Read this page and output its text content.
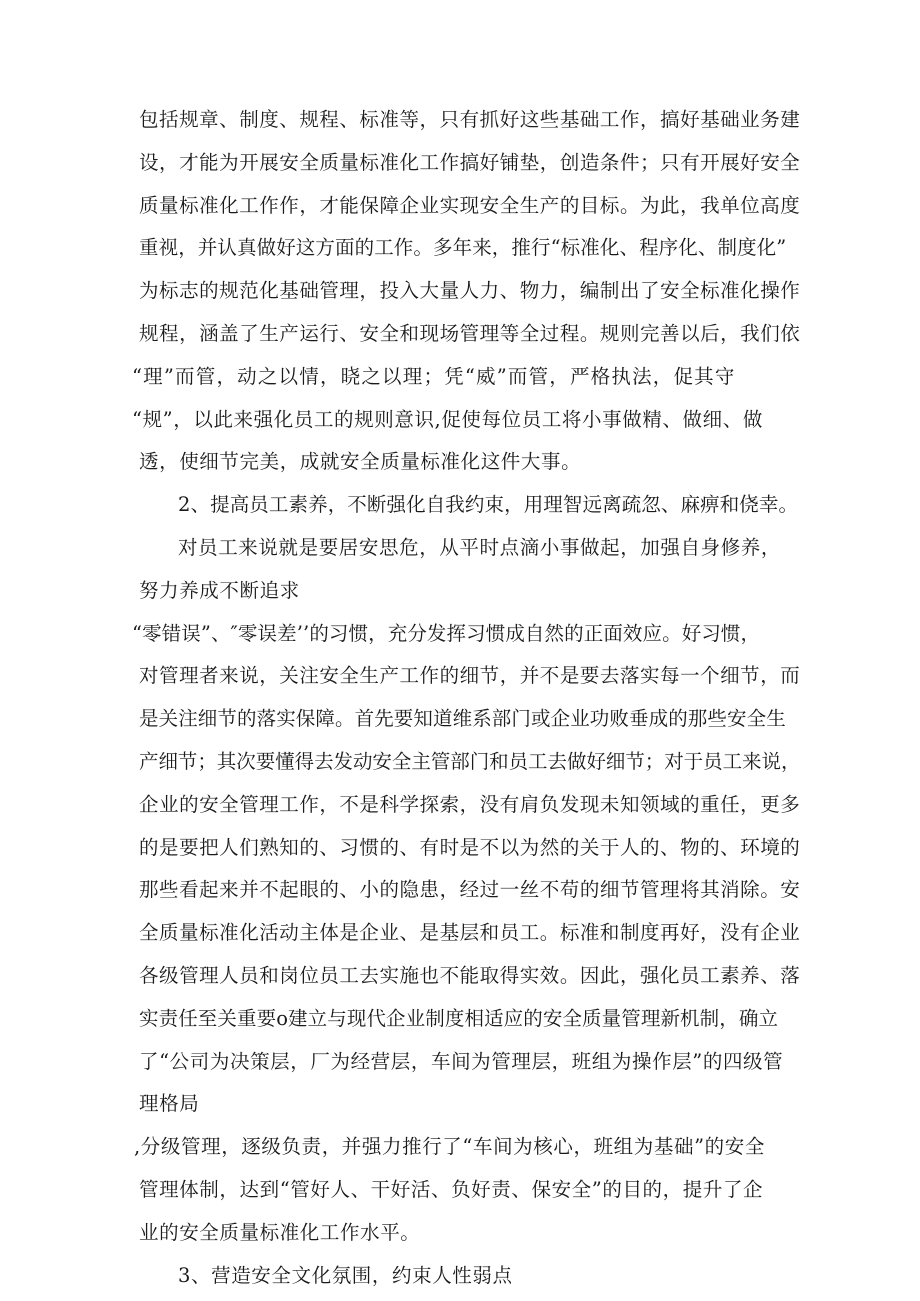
包括规章、制度、规程、标准等，只有抓好这些基础工作，搞好基础业务建
设，才能为开展安全质量标准化工作搞好铺垫，创造条件；只有开展好安全
质量标准化工作作，才能保障企业实现安全生产的目标。为此，我单位高度
重视，并认真做好这方面的工作。多年来，推行“标准化、程序化、制度化”
为标志的规范化基础管理，投入大量人力、物力，编制出了安全标准化操作
规程，涵盖了生产运行、安全和现场管理等全过程。规则完善以后，我们依
“理”而管，动之以情，晓之以理；凭“威”而管，严格执法，促其守
“规”，以此来强化员工的规则意识,促使每位员工将小事做精、做细、做
透，使细节完美，成就安全质量标准化这件大事。
2、提高员工素养，不断强化自我约束，用理智远离疏忽、麻痹和侥幸。
对员工来说就是要居安思危，从平时点滴小事做起，加强自身修养，
努力养成不断追求
“零错误”、″零误差’’的习惯，充分发挥习惯成自然的正面效应。好习惯，
对管理者来说，关注安全生产工作的细节，并不是要去落实每一个细节，而
是关注细节的落实保障。首先要知道维系部门或企业功败垂成的那些安全生
产细节；其次要懂得去发动安全主管部门和员工去做好细节；对于员工来说，
企业的安全管理工作，不是科学探索，没有肩负发现未知领域的重任，更多
的是要把人们熟知的、习惯的、有时是不以为然的关于人的、物的、环境的
那些看起来并不起眼的、小的隐患，经过一丝不苟的细节管理将其消除。安
全质量标准化活动主体是企业、是基层和员工。标准和制度再好，没有企业
各级管理人员和岗位员工去实施也不能取得实效。因此，强化员工素养、落
实责任至关重要o建立与现代企业制度相适应的安全质量管理新机制，确立
了“公司为决策层，厂为经营层，车间为管理层，班组为操作层”的四级管
理格局
,分级管理，逐级负责，并强力推行了“车间为核心，班组为基础”的安全
管理体制，达到“管好人、干好活、负好责、保安全”的目的，提升了企
业的安全质量标准化工作水平。
3、营造安全文化氛围，约束人性弱点
